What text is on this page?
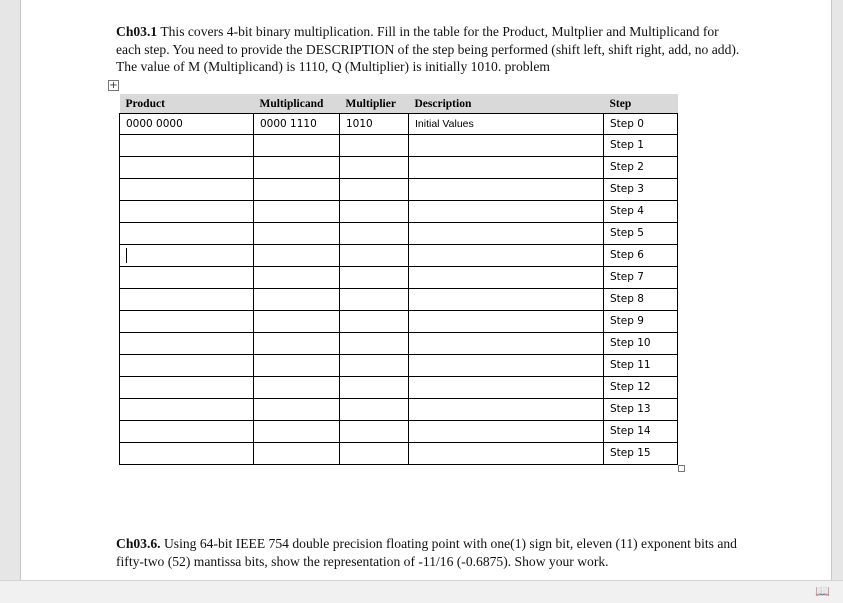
Ch03.1 This covers 4-bit binary multiplication. Fill in the table for the Product, Multplier and Multiplicand for each step. You need to provide the DESCRIPTION of the step being performed (shift left, shift right, add, no add). The value of M (Multiplicand) is 1110, Q (Multiplier) is initially 1010. problem

+
Product	Multiplicand	Multiplier	Description	Step
0000 0000	0000 1110	1010	Initial Values	Step 0
				Step 1
				Step 2
				Step 3
				Step 4
				Step 5
				Step 6
				Step 7
				Step 8
				Step 9
				Step 10
				Step 11
				Step 12
				Step 13
				Step 14
				Step 15

Ch03.6. Using 64-bit IEEE 754 double precision floating point with one(1) sign bit, eleven (11) exponent bits and fifty-two (52) mantissa bits, show the representation of -11/16 (-0.6875). Show your work.

📖
